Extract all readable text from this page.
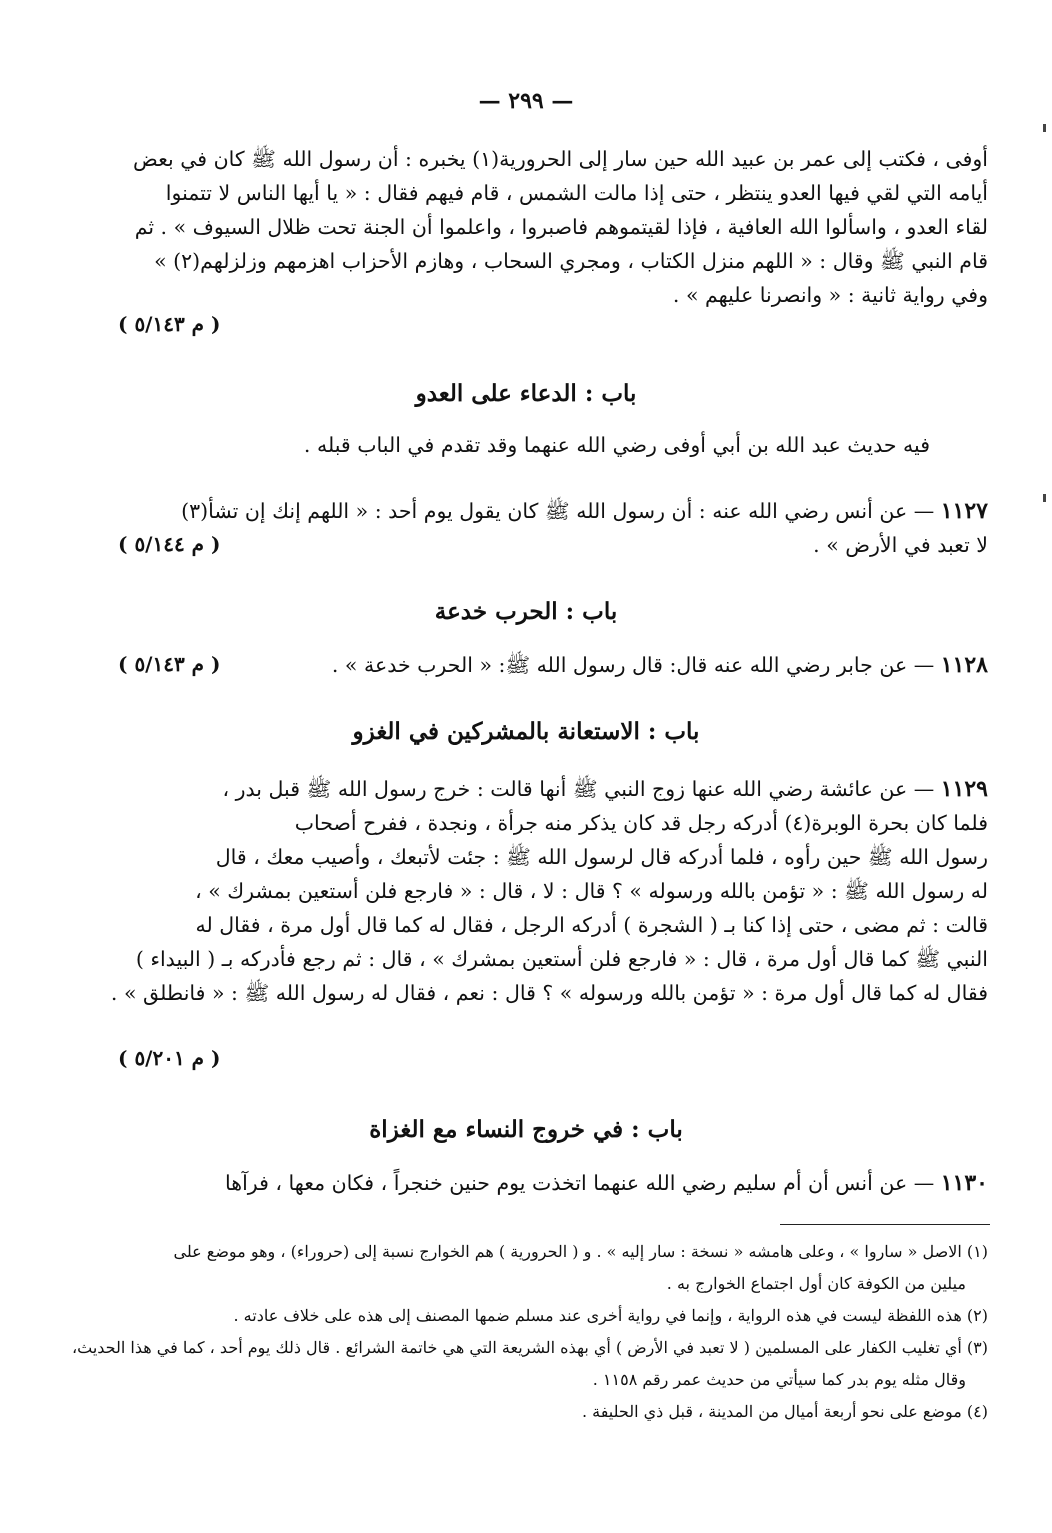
— ٢٩٩ —
أوفى ، فكتب إلى عمر بن عبيد الله حين سار إلى الحرورية(١) يخبره : أن رسول الله ﷺ كان في بعض
أيامه التي لقي فيها العدو ينتظر ، حتى إذا مالت الشمس ، قام فيهم فقال : « يا أيها الناس لا تتمنوا
لقاء العدو ، واسألوا الله العافية ، فإذا لقيتموهم فاصبروا ، واعلموا أن الجنة تحت ظلال السيوف » . ثم
قام النبي ﷺ وقال : « اللهم منزل الكتاب ، ومجري السحاب ، وهازم الأحزاب اهزمهم وزلزلهم(٢) »
وفي رواية ثانية : « وانصرنا عليهم » .
( م ٥/١٤٣ )
باب : الدعاء على العدو
فيه حديث عبد الله بن أبي أوفى رضي الله عنهما وقد تقدم في الباب قبله .
١١٢٧ — عن أنس رضي الله عنه : أن رسول الله ﷺ كان يقول يوم أحد : « اللهم إنك إن تشأ(٣)
لا تعبد في الأرض » .
( م ٥/١٤٤ )
باب : الحرب خدعة
١١٢٨ — عن جابر رضي الله عنه قال: قال رسول الله ﷺ: « الحرب خدعة » .
( م ٥/١٤٣ )
باب : الاستعانة بالمشركين في الغزو
١١٢٩ — عن عائشة رضي الله عنها زوج النبي ﷺ أنها قالت : خرج رسول الله ﷺ قبل بدر ،
فلما كان بحرة الوبرة(٤) أدركه رجل قد كان يذكر منه جرأة ، ونجدة ، ففرح أصحاب
رسول الله ﷺ حين رأوه ، فلما أدركه قال لرسول الله ﷺ : جئت لأتبعك ، وأصيب معك ، قال
له رسول الله ﷺ : « تؤمن بالله ورسوله » ؟ قال : لا ، قال : « فارجع فلن أستعين بمشرك » ،
قالت : ثم مضى ، حتى إذا كنا بـ ( الشجرة ) أدركه الرجل ، فقال له كما قال أول مرة ، فقال له
النبي ﷺ كما قال أول مرة ، قال : « فارجع فلن أستعين بمشرك » ، قال : ثم رجع فأدركه بـ ( البيداء )
فقال له كما قال أول مرة : « تؤمن بالله ورسوله » ؟ قال : نعم ، فقال له رسول الله ﷺ : « فانطلق » .
( م ٥/٢٠١ )
باب : في خروج النساء مع الغزاة
١١٣٠ — عن أنس أن أم سليم رضي الله عنهما اتخذت يوم حنين خنجراً ، فكان معها ، فرآها
(١) الاصل « ساروا » ، وعلى هامشه « نسخة : سار إليه » . و ( الحرورية ) هم الخوارج نسبة إلى (حروراء) ، وهو موضع على
ميلين من الكوفة كان أول اجتماع الخوارج به .
(٢) هذه اللفظة ليست في هذه الرواية ، وإنما في رواية أخرى عند مسلم ضمها المصنف إلى هذه على خلاف عادته .
(٣) أي تغليب الكفار على المسلمين ( لا تعبد في الأرض ) أي بهذه الشريعة التي هي خاتمة الشرائع . قال ذلك يوم أحد ، كما في هذا الحديث،
وقال مثله يوم بدر كما سيأتي من حديث عمر رقم ١١٥٨ .
(٤) موضع على نحو أربعة أميال من المدينة ، قبل ذي الحليفة .
